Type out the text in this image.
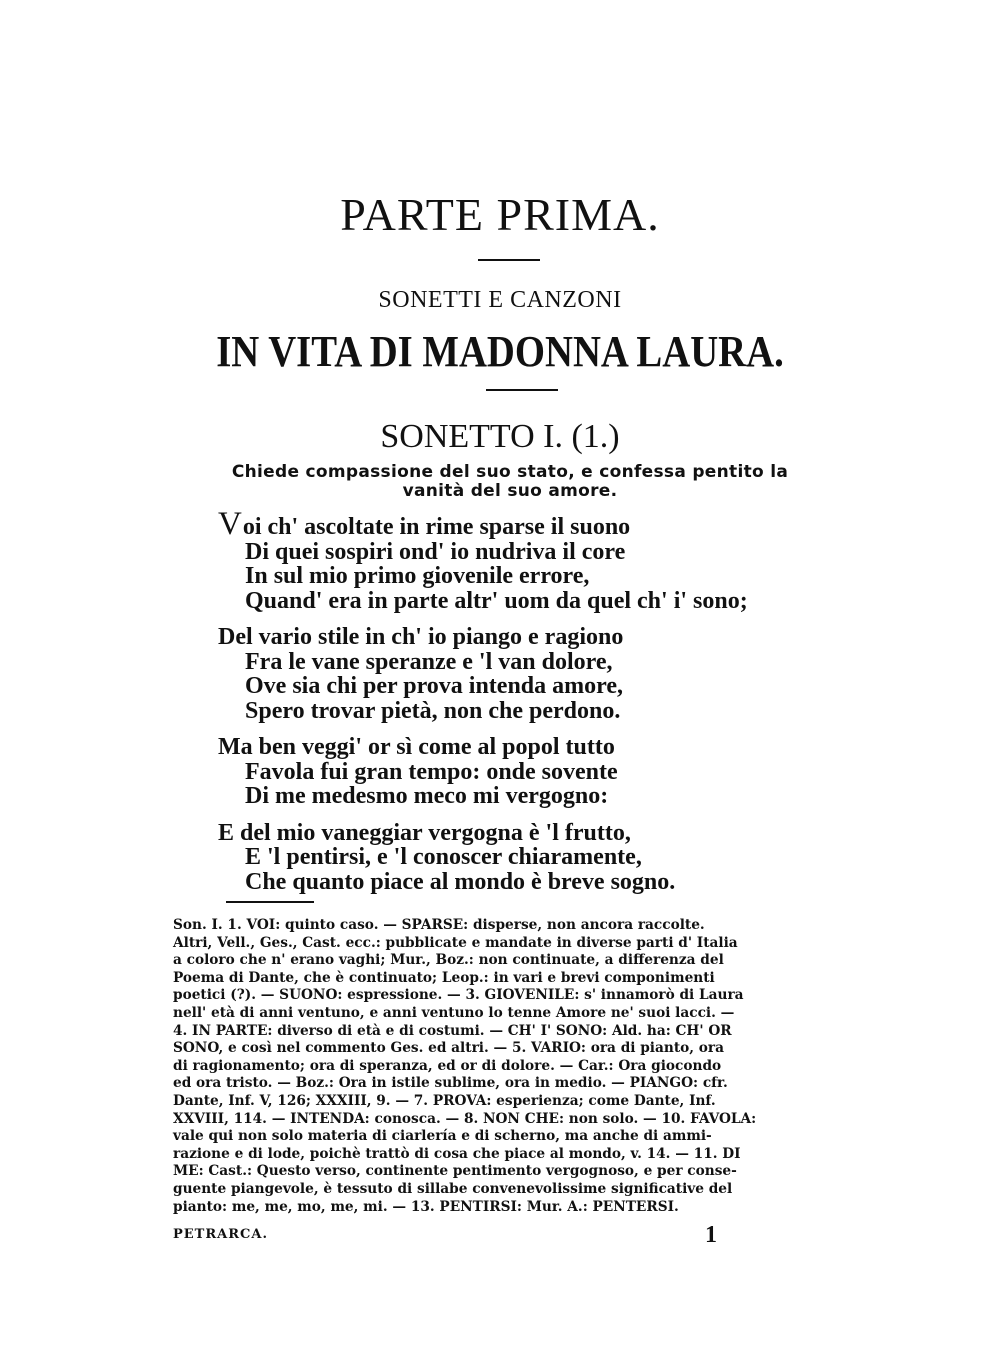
PARTE PRIMA.
SONETTI E CANZONI
IN VITA DI MADONNA LAURA.
SONETTO I. (1.)
Chiede compassione del suo stato, e confessa pentito la vanità del suo amore.
Voi ch' ascoltate in rime sparse il suono
Di quei sospiri ond' io nudriva il core
In sul mio primo giovenile errore,
Quand' era in parte altr' uom da quel ch' i' sono;
Del vario stile in ch' io piango e ragiono
Fra le vane speranze e 'l van dolore,
Ove sia chi per prova intenda amore,
Spero trovar pietà, non che perdono.
Ma ben veggi' or sì come al popol tutto
Favola fui gran tempo: onde sovente
Di me medesmo meco mi vergogno:
E del mio vaneggiar vergogna è 'l frutto,
E 'l pentirsi, e 'l conoscer chiaramente,
Che quanto piace al mondo è breve sogno.
Son. I. 1. VOI: quinto caso. — SPARSE: disperse, non ancora raccolte.
Altri, Vell., Ges., Cast. ecc.: pubblicate e mandate in diverse parti d' Italia
a coloro che n' erano vaghi; Mur., Boz.: non continuate, a differenza del
Poema di Dante, che è continuato; Leop.: in vari e brevi componimenti
poetici (?). — SUONO: espressione. — 3. GIOVENILE: s' innamorò di Laura
nell' età di anni ventuno, e anni ventuno lo tenne Amore ne' suoi lacci. —
4. IN PARTE: diverso di età e di costumi. — CH' I' SONO: Ald. ha: CH' OR
SONO, e così nel commento Ges. ed altri. — 5. VARIO: ora di pianto, ora
di ragionamento; ora di speranza, ed or di dolore. — Car.: Ora giocondo
ed ora tristo. — Boz.: Ora in istile sublime, ora in medio. — PIANGO: cfr.
Dante, Inf. V, 126; XXXIII, 9. — 7. PROVA: esperienza; come Dante, Inf.
XXVIII, 114. — INTENDA: conosca. — 8. NON CHE: non solo. — 10. FAVOLA:
vale qui non solo materia di ciarlería e di scherno, ma anche di ammi-
razione e di lode, poichè trattò di cosa che piace al mondo, v. 14. — 11. DI
ME: Cast.: Questo verso, continente pentimento vergognoso, e per conse-
guente piangevole, è tessuto di sillabe convenevolissime significative del
pianto: me, me, mo, me, mi. — 13. PENTIRSI: Mur. A.: PENTERSI.
PETRARCA.	1
